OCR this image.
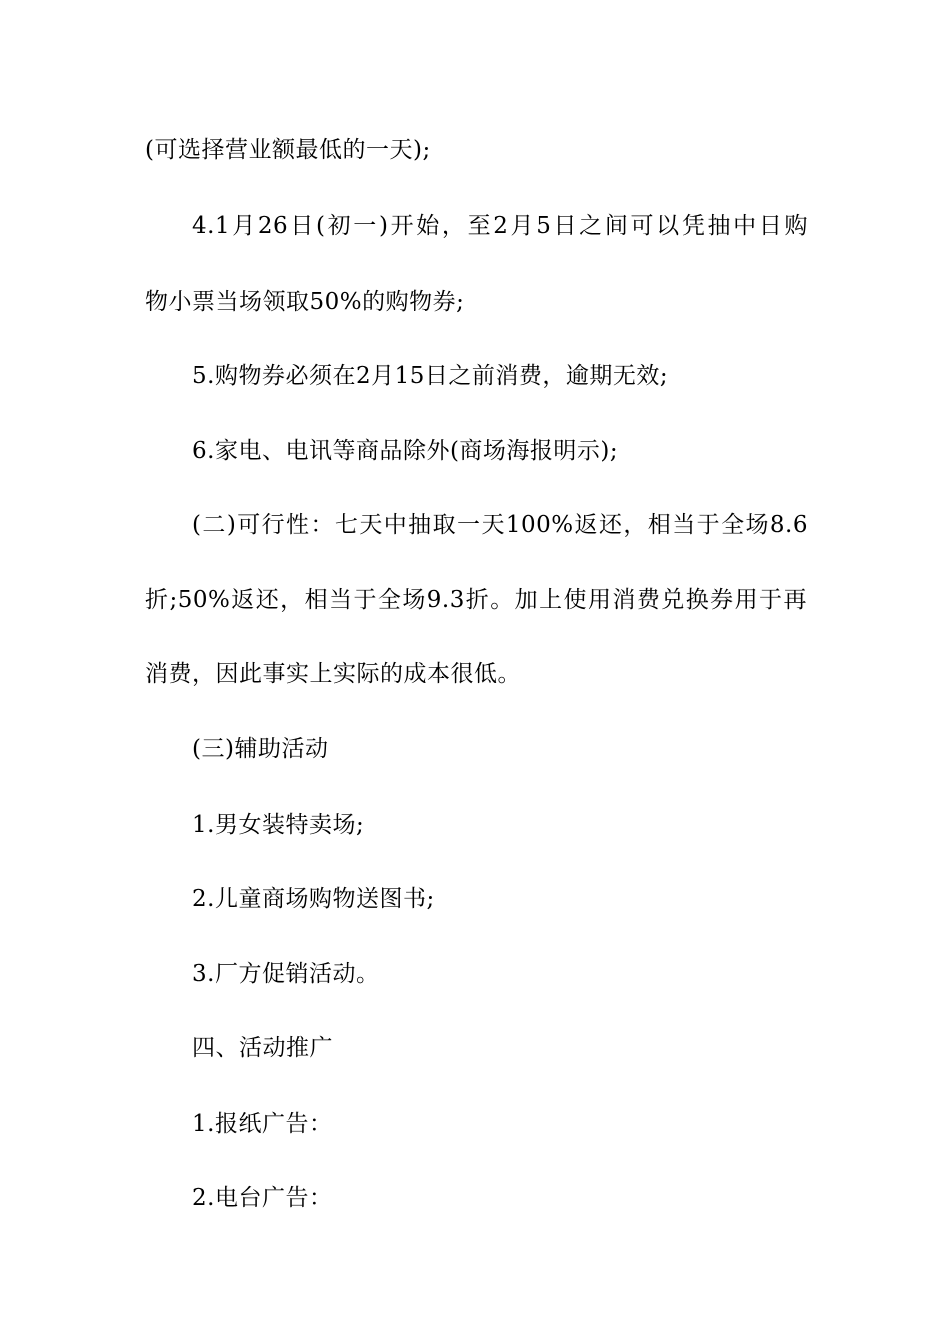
(可选择营业额最低的一天);
4.1月26日(初一)开始，至2月5日之间可以凭抽中日购
物小票当场领取50%的购物券;
5.购物券必须在2月15日之前消费，逾期无效;
6.家电、电讯等商品除外(商场海报明示);
(二)可行性：七天中抽取一天100%返还，相当于全场8.6
折;50%返还，相当于全场9.3折。加上使用消费兑换券用于再
消费，因此事实上实际的成本很低。
(三)辅助活动
1.男女装特卖场;
2.儿童商场购物送图书;
3.厂方促销活动。
四、活动推广
1.报纸广告：
2.电台广告：
